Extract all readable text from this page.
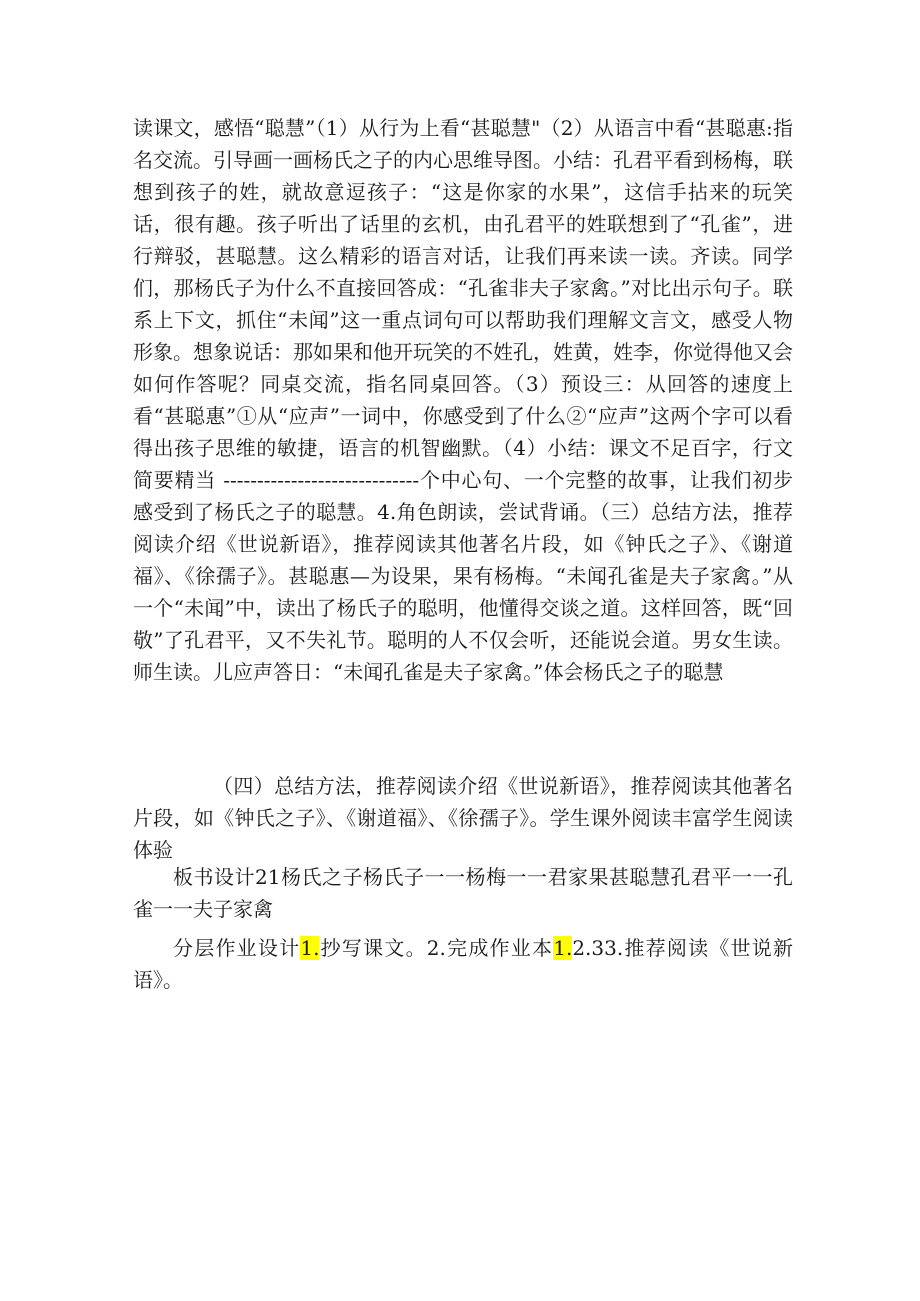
读课文，感悟“聪慧”（1）从行为上看“甚聪慧"（2）从语言中看“甚聪惠:指名交流。引导画一画杨氏之子的内心思维导图。小结：孔君平看到杨梅，联想到孩子的姓，就故意逗孩子：“这是你家的水果”，这信手拈来的玩笑话，很有趣。孩子听出了话里的玄机，由孔君平的姓联想到了“孔雀”，进行辩驳，甚聪慧。这么精彩的语言对话，让我们再来读一读。齐读。同学们，那杨氏子为什么不直接回答成：“孔雀非夫子家禽。”对比出示句子。联系上下文，抓住“未闻”这一重点词句可以帮助我们理解文言文，感受人物形象。想象说话：那如果和他开玩笑的不姓孔，姓黄，姓李，你觉得他又会如何作答呢？同桌交流，指名同桌回答。（3）预设三：从回答的速度上看“甚聪惠”①从“应声”一词中，你感受到了什么②“应声”这两个字可以看得出孩子思维的敏捷，语言的机智幽默。（4）小结：课文不足百字，行文简要精当 -----------------------------个中心句、一个完整的故事，让我们初步感受到了杨氏之子的聪慧。4.角色朗读，尝试背诵。（三）总结方法，推荐阅读介绍《世说新语》，推荐阅读其他著名片段，如《钟氏之子》、《谢道福》、《徐孺子》。甚聪惠—为设果，果有杨梅。“未闻孔雀是夫子家禽。”从一个“未闻”中，读出了杨氏子的聪明，他懂得交谈之道。这样回答，既“回敬”了孔君平，又不失礼节。聪明的人不仅会听，还能说会道。男女生读。师生读。儿应声答日：“未闻孔雀是夫子家禽。”体会杨氏之子的聪慧

（四）总结方法，推荐阅读介绍《世说新语》，推荐阅读其他著名片段，如《钟氏之子》、《谢道福》、《徐孺子》。学生课外阅读丰富学生阅读体验

板书设计21杨氏之子杨氏子一一杨梅一一君家果甚聪慧孔君平一一孔雀一一夫子家禽

分层作业设计1.抄写课文。2.完成作业本1.2.33.推荐阅读《世说新语》。
